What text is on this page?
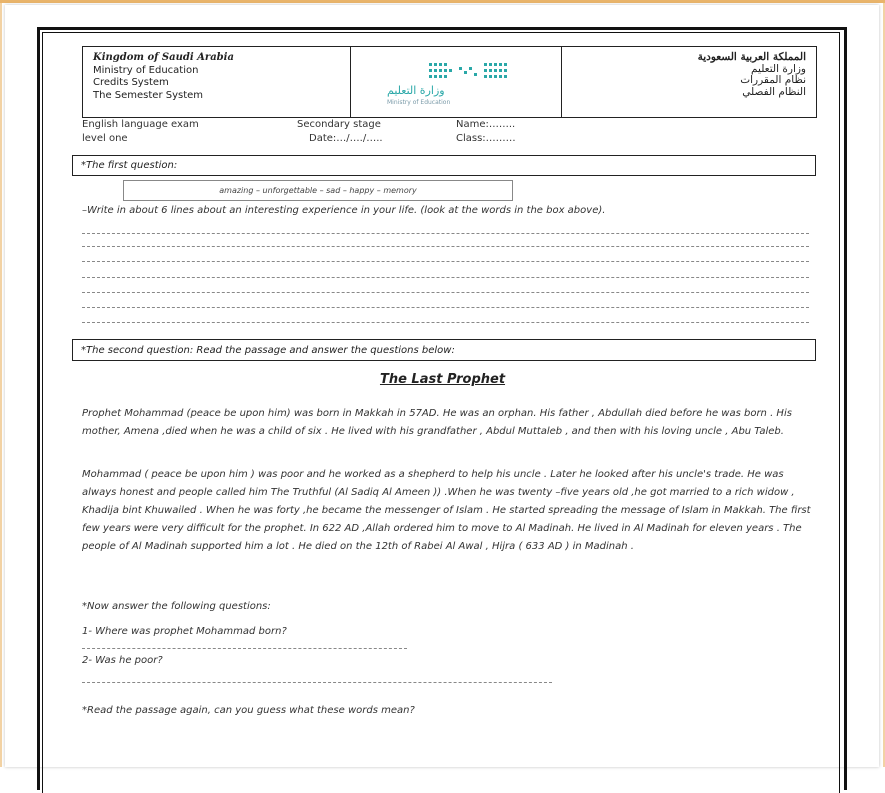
Kingdom of Saudi Arabia
Ministry of Education
Credits System
The Semester System	وزارة التعليم
Ministry of Education
المملكة العربية السعودية
وزارة التعليم
نظام المقررات
النظام الفصلي
English language exam
level one
Secondary stage
Date:…/…./…..
Name:……..
Class:………
*The first question:
amazing – unforgettable – sad – happy – memory
–Write in about 6 lines about an interesting experience in your life. (look at the words in the box above).
*The second question: Read the passage and answer the questions below:
The Last Prophet

Prophet Mohammad (peace be upon him) was born in Makkah in 57AD. He was an orphan. His father , Abdullah died before he was born . His mother, Amena ,died when he was a child of six . He lived with his grandfather , Abdul Muttaleb , and then with his loving uncle , Abu Taleb.

Mohammad ( peace be upon him ) was poor and he worked as a shepherd to help his uncle . Later he looked after his uncle's trade. He was always honest and people called him The Truthful (Al Sadiq Al Ameen )) .When he was twenty –five years old ,he got married to a rich widow , Khadija bint Khuwailed . When he was forty ,he became the messenger of Islam . He started spreading the message of Islam in Makkah. The first few years were very difficult for the prophet. In 622 AD ,Allah ordered him to move to Al Madinah. He lived in Al Madinah for eleven years . The people of Al Madinah supported him a lot . He died on the 12th of Rabei Al Awal , Hijra ( 633 AD ) in Madinah .

*Now answer the following questions:
1- Where was prophet Mohammad born?
2- Was he poor?
*Read the passage again, can you guess what these words mean?
